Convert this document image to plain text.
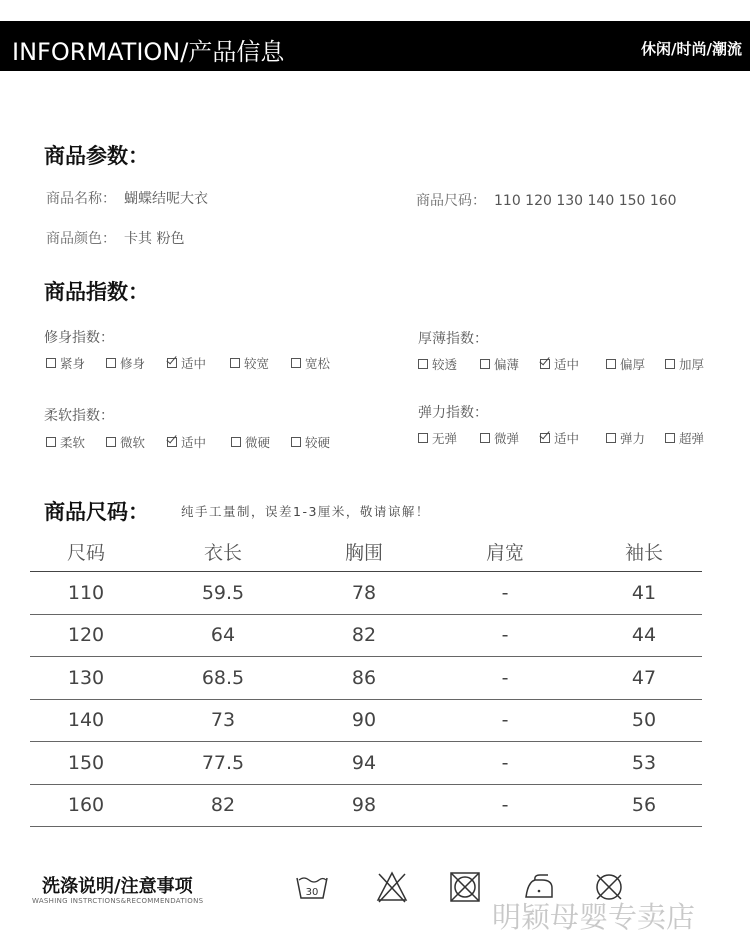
INFORMATION/产品信息	休闲/时尚/潮流
商品参数：
商品名称： 蝴蝶结呢大衣	商品尺码： 110 120 130 140 150 160
商品颜色： 卡其 粉色
商品指数：
修身指数：
紧身	修身	适中	较宽	宽松
厚薄指数：
较透	偏薄	适中	偏厚	加厚
柔软指数：
柔软	微软	适中	微硬	较硬
弹力指数：
无弹	微弹	适中	弹力	超弹
商品尺码：	纯手工量制，误差1-3厘米，敬请谅解！
尺码	衣长	胸围	肩宽	袖长
110	59.5	78	-	41
120	64	82	-	44
130	68.5	86	-	47
140	73	90	-	50
150	77.5	94	-	53
160	82	98	-	56
洗涤说明/注意事项
WASHING INSTRCTIONS&RECOMMENDATIONS
30
明颖母婴专卖店
